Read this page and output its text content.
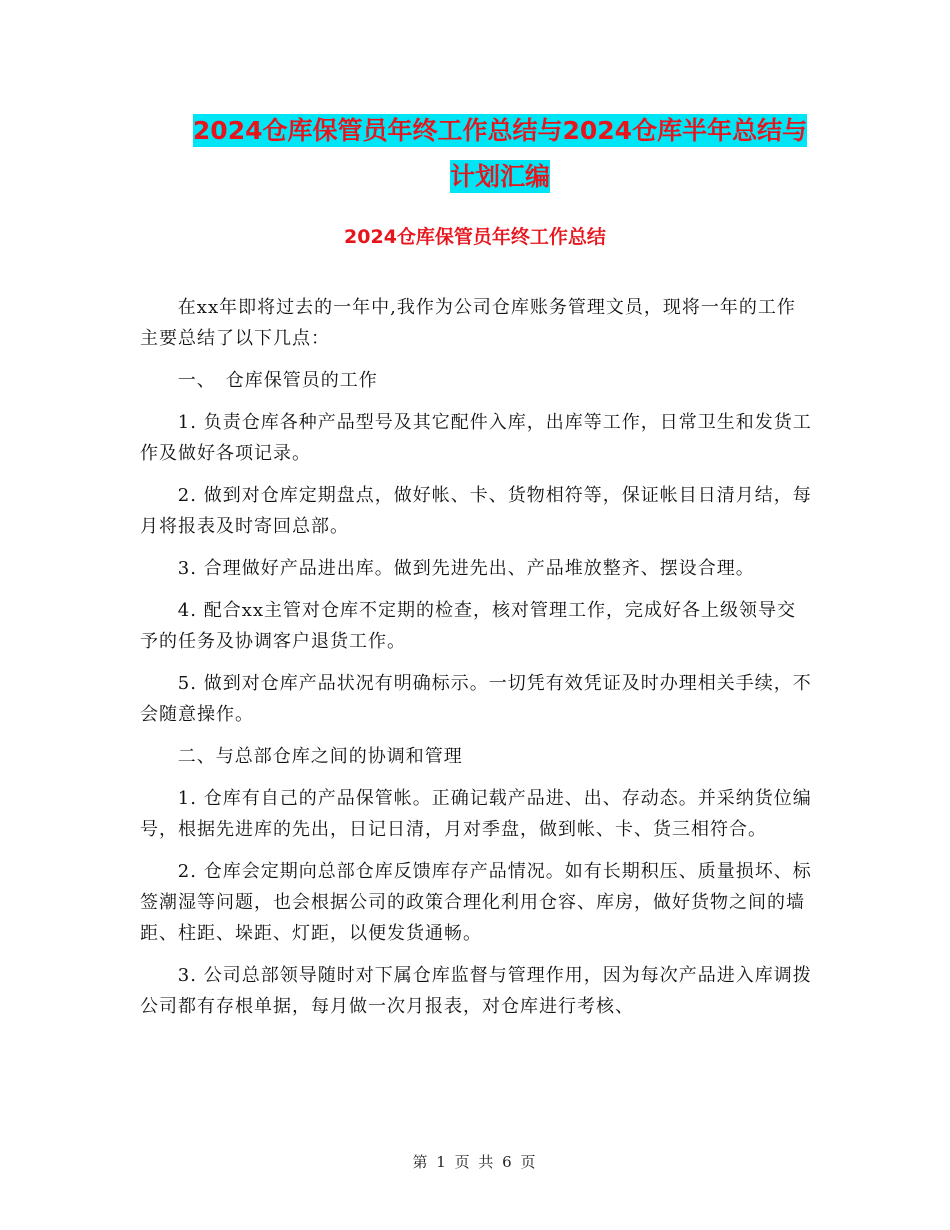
2024仓库保管员年终工作总结与2024仓库半年总结与
计划汇编
2024仓库保管员年终工作总结

在xx年即将过去的一年中,我作为公司仓库账务管理文员，现将一年的工作主要总结了以下几点：

一、　仓库保管员的工作

1. 负责仓库各种产品型号及其它配件入库，出库等工作，日常卫生和发货工作及做好各项记录。

2. 做到对仓库定期盘点，做好帐、卡、货物相符等，保证帐目日清月结，每月将报表及时寄回总部。

3. 合理做好产品进出库。做到先进先出、产品堆放整齐、摆设合理。

4. 配合xx主管对仓库不定期的检查，核对管理工作，完成好各上级领导交予的任务及协调客户退货工作。

5. 做到对仓库产品状况有明确标示。一切凭有效凭证及时办理相关手续，不会随意操作。

二、与总部仓库之间的协调和管理

1. 仓库有自己的产品保管帐。正确记载产品进、出、存动态。并采纳货位编号，根据先进库的先出，日记日清，月对季盘，做到帐、卡、货三相符合。

2. 仓库会定期向总部仓库反馈库存产品情况。如有长期积压、质量损坏、标签潮湿等问题，也会根据公司的政策合理化利用仓容、库房，做好货物之间的墙距、柱距、垛距、灯距，以便发货通畅。

3. 公司总部领导随时对下属仓库监督与管理作用，因为每次产品进入库调拨公司都有存根单据，每月做一次月报表，对仓库进行考核、

第 1 页 共 6 页
